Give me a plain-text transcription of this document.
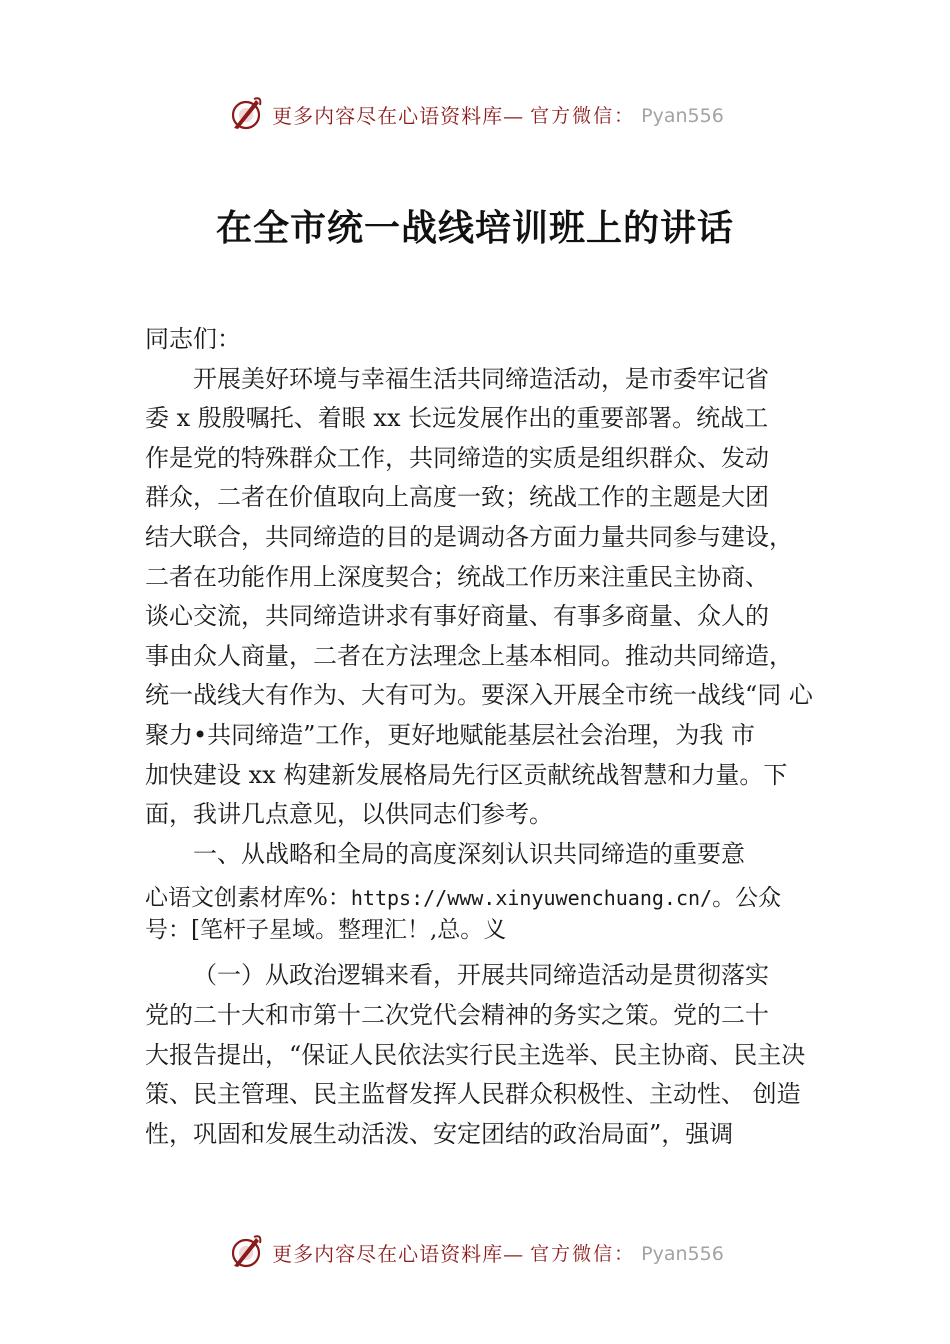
更多内容尽在心语资料库— 官方微信： Pyan556
在全市统一战线培训班上的讲话
同志们：
开展美好环境与幸福生活共同缔造活动，是市委牢记省
委 x 殷殷嘱托、着眼 xx 长远发展作出的重要部署。统战工
作是党的特殊群众工作，共同缔造的实质是组织群众、发动
群众，二者在价值取向上高度一致；统战工作的主题是大团
结大联合，共同缔造的目的是调动各方面力量共同参与建设，
二者在功能作用上深度契合；统战工作历来注重民主协商、
谈心交流，共同缔造讲求有事好商量、有事多商量、众人的
事由众人商量，二者在方法理念上基本相同。推动共同缔造，
统一战线大有作为、大有可为。要深入开展全市统一战线“同 心
聚力•共同缔造”工作，更好地赋能基层社会治理，为我 市
加快建设 xx 构建新发展格局先行区贡献统战智慧和力量。下
面，我讲几点意见，以供同志们参考。
一、从战略和全局的高度深刻认识共同缔造的重要意
心语文创素材库%：https://www.xinyuwenchuang.cn/。公众
号：[笔杆子星域。整理汇！,总。义
（一）从政治逻辑来看，开展共同缔造活动是贯彻落实
党的二十大和市第十二次党代会精神的务实之策。党的二十
大报告提出，“保证人民依法实行民主选举、民主协商、民主决
策、民主管理、民主监督发挥人民群众积极性、主动性、 创造
性，巩固和发展生动活泼、安定团结的政治局面”，强调
更多内容尽在心语资料库— 官方微信： Pyan556
